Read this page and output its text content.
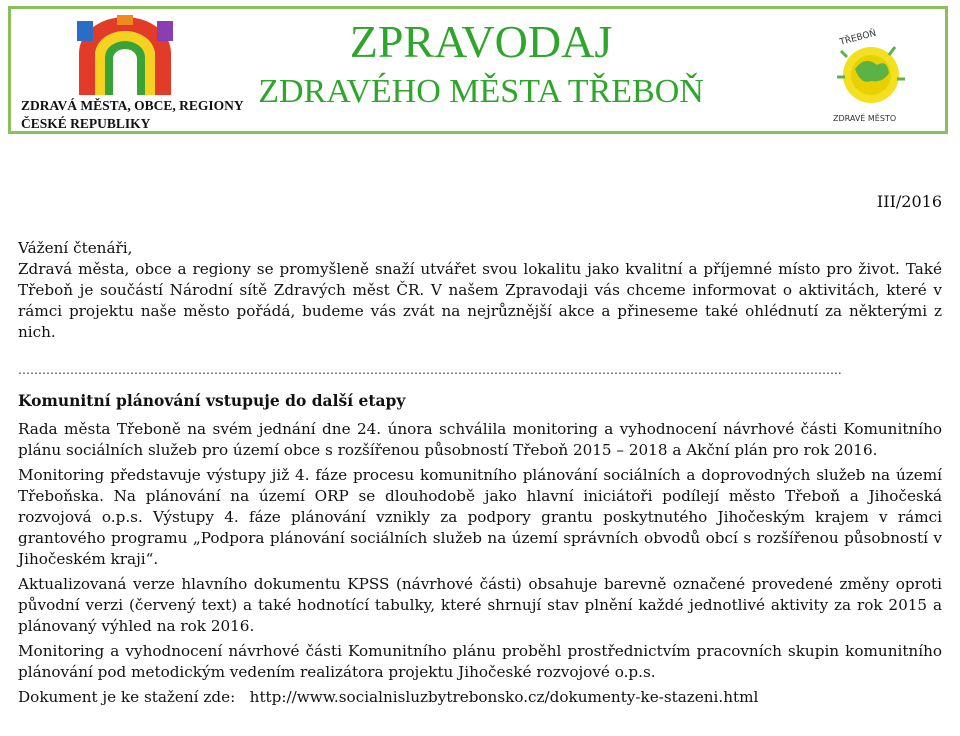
ZDRAVÁ MĚSTA, OBCE, REGIONY
ČESKÉ REPUBLIKY
ZPRAVODAJ
ZDRAVÉHO MĚSTA TŘEBOŇ
TŘEBOŇ
ZDRAVÉ MĚSTO
III/2016

Vážení čtenáři,

Zdravá města, obce a regiony se promyšleně snaží utvářet svou lokalitu jako kvalitní a příjemné místo pro život. Také Třeboň je součástí Národní sítě Zdravých měst ČR. V našem Zpravodaji vás chceme informovat o aktivitách, které v rámci projektu naše město pořádá, budeme vás zvát na nejrůznější akce a přineseme také ohlédnutí za některými z nich.

……………………………………………………………………………………………………………………………………………………………………………………..
Komunitní plánování vstupuje do další etapy

Rada města Třeboně na svém jednání dne 24. února schválila monitoring a vyhodnocení návrhové části Komunitního plánu sociálních služeb pro území obce s rozšířenou působností Třeboň 2015 – 2018 a Akční plán pro rok 2016.

Monitoring představuje výstupy již 4. fáze procesu komunitního plánování sociálních a doprovodných služeb na území Třeboňska. Na plánování na území ORP se dlouhodobě jako hlavní iniciátoři podílejí město Třeboň a Jihočeská rozvojová o.p.s. Výstupy 4. fáze plánování vznikly za podpory grantu poskytnutého Jihočeským krajem v rámci grantového programu „Podpora plánování sociálních služeb na území správních obvodů obcí s rozšířenou působností v Jihočeském kraji“.

Aktualizovaná verze hlavního dokumentu KPSS (návrhové části) obsahuje barevně označené provedené změny oproti původní verzi (červený text) a také hodnotící tabulky, které shrnují stav plnění každé jednotlivé aktivity za rok 2015 a plánovaný výhled na rok 2016.

Monitoring a vyhodnocení návrhové části Komunitního plánu proběhl prostřednictvím pracovních skupin komunitního plánování pod metodickým vedením realizátora projektu Jihočeské rozvojové o.p.s.

Dokument je ke stažení zde: http://www.socialnisluzbytrebonsko.cz/dokumenty-ke-stazeni.html
